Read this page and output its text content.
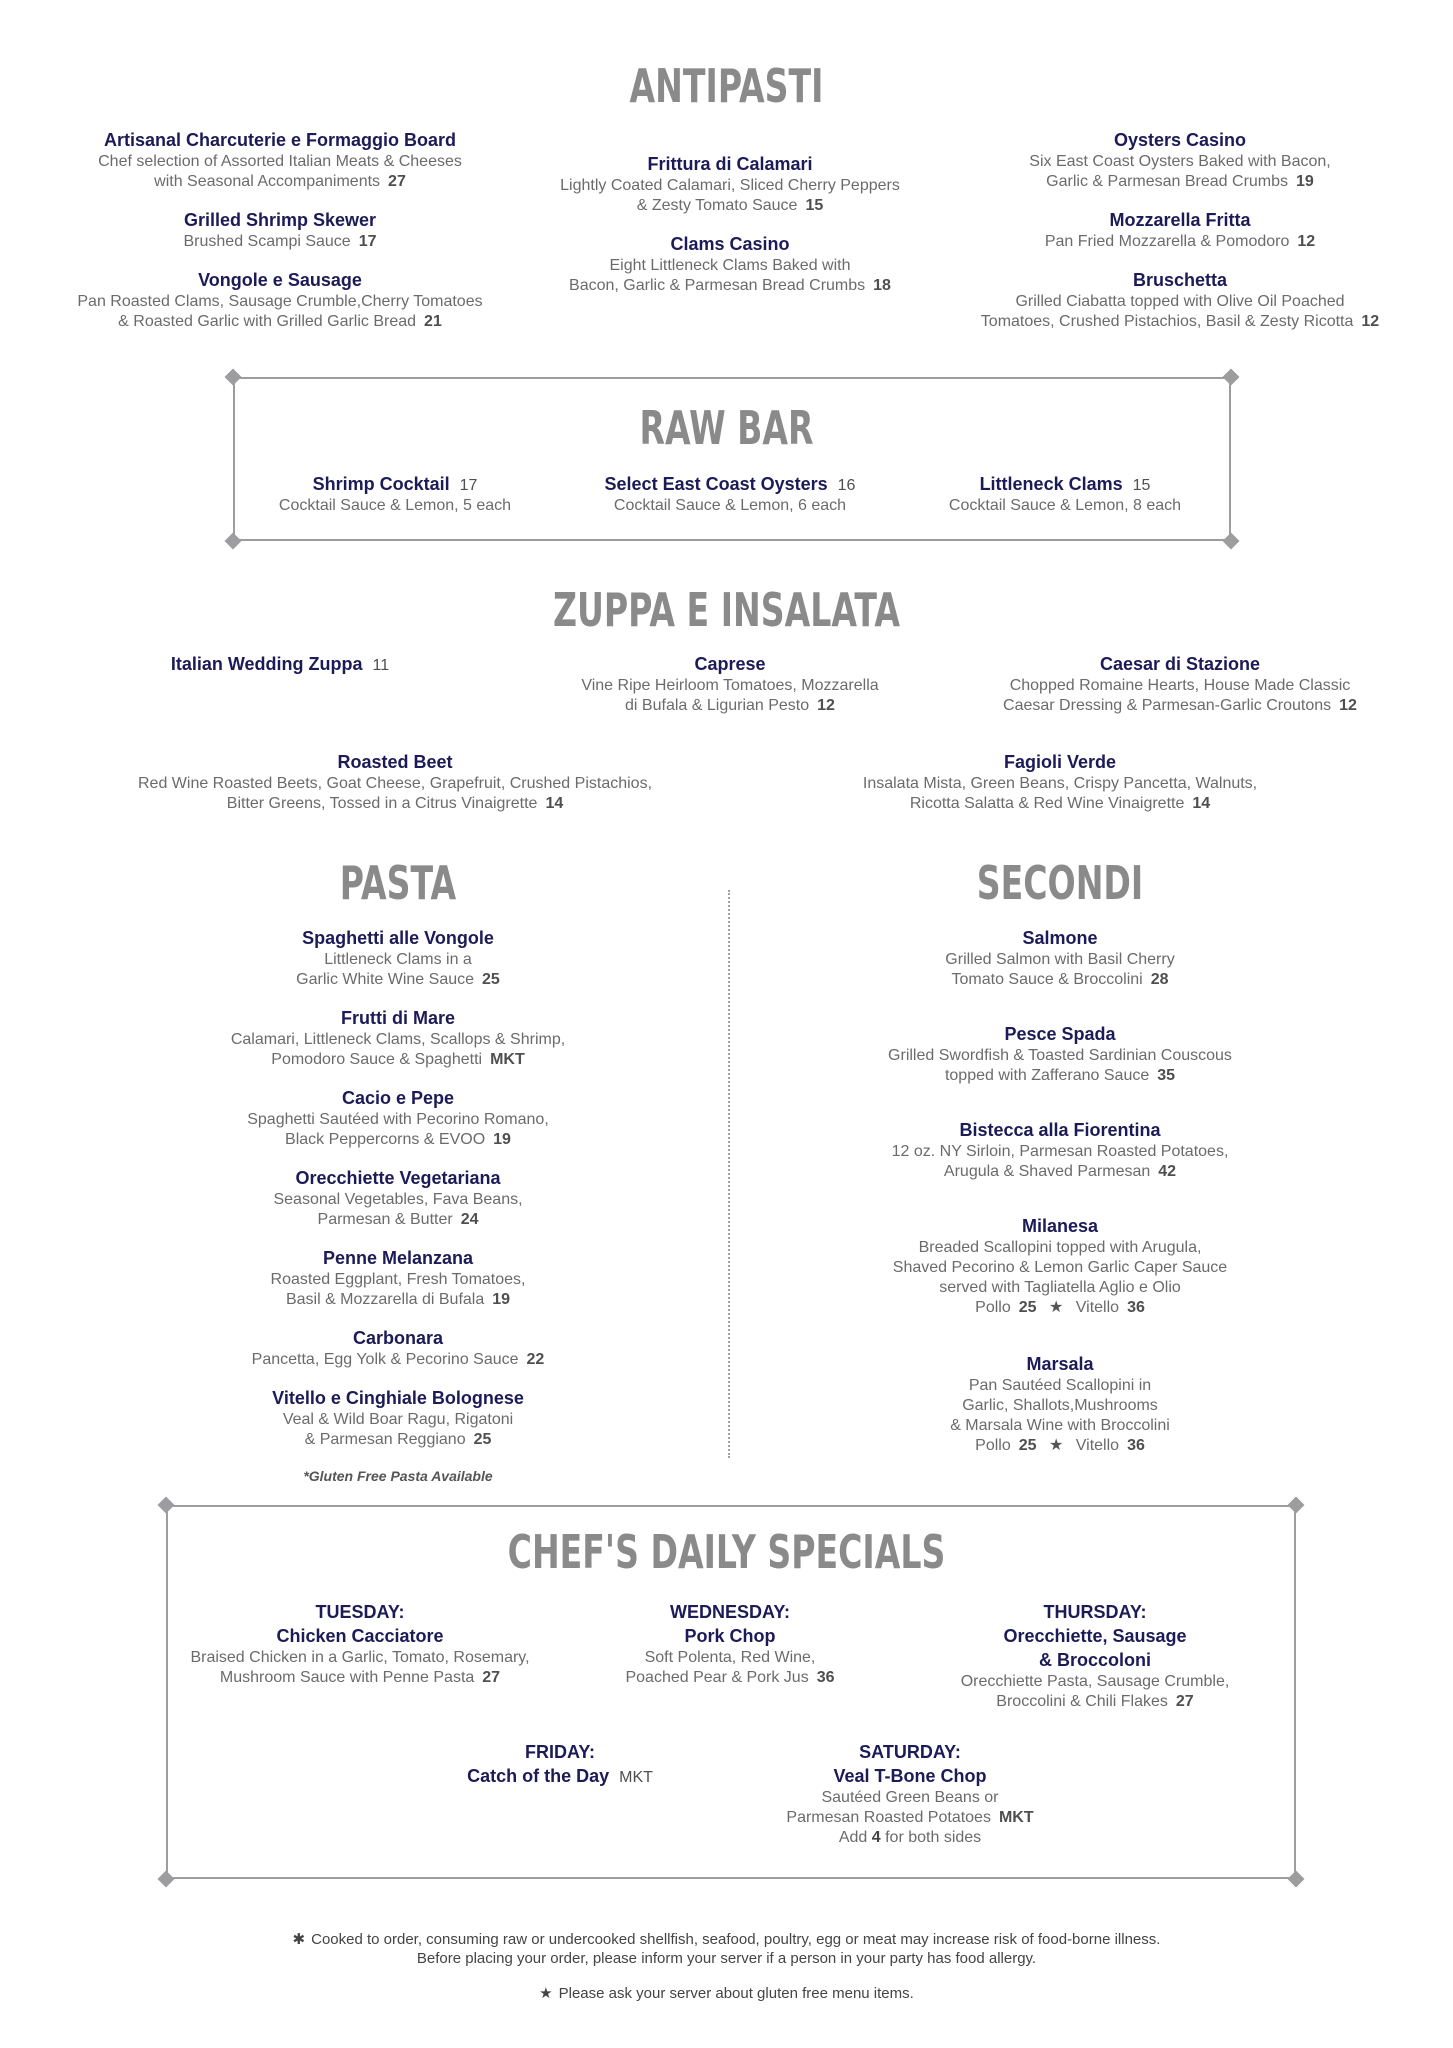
ANTIPASTI
Artisanal Charcuterie e Formaggio Board
Chef selection of Assorted Italian Meats & Cheeses
with Seasonal Accompaniments 27
Grilled Shrimp Skewer
Brushed Scampi Sauce 17
Vongole e Sausage
Pan Roasted Clams, Sausage Crumble,Cherry Tomatoes
& Roasted Garlic with Grilled Garlic Bread 21
Frittura di Calamari
Lightly Coated Calamari, Sliced Cherry Peppers
& Zesty Tomato Sauce 15
Clams Casino
Eight Littleneck Clams Baked with
Bacon, Garlic & Parmesan Bread Crumbs 18
Oysters Casino
Six East Coast Oysters Baked with Bacon,
Garlic & Parmesan Bread Crumbs 19
Mozzarella Fritta
Pan Fried Mozzarella & Pomodoro 12
Bruschetta
Grilled Ciabatta topped with Olive Oil Poached
Tomatoes, Crushed Pistachios, Basil & Zesty Ricotta 12
RAW BAR
Shrimp Cocktail 17
Cocktail Sauce & Lemon, 5 each
Select East Coast Oysters 16
Cocktail Sauce & Lemon, 6 each
Littleneck Clams 15
Cocktail Sauce & Lemon, 8 each
ZUPPA E INSALATA
Italian Wedding Zuppa 11	Caprese
Vine Ripe Heirloom Tomatoes, Mozzarella
di Bufala & Ligurian Pesto 12
Caesar di Stazione
Chopped Romaine Hearts, House Made Classic
Caesar Dressing & Parmesan-Garlic Croutons 12
Roasted Beet
Red Wine Roasted Beets, Goat Cheese, Grapefruit, Crushed Pistachios,
Bitter Greens, Tossed in a Citrus Vinaigrette 14
Fagioli Verde
Insalata Mista, Green Beans, Crispy Pancetta, Walnuts,
Ricotta Salatta & Red Wine Vinaigrette 14
PASTA	SECONDI
Spaghetti alle Vongole
Littleneck Clams in a
Garlic White Wine Sauce 25
Frutti di Mare
Calamari, Littleneck Clams, Scallops & Shrimp,
Pomodoro Sauce & Spaghetti MKT
Cacio e Pepe
Spaghetti Sautéed with Pecorino Romano,
Black Peppercorns & EVOO 19
Orecchiette Vegetariana
Seasonal Vegetables, Fava Beans,
Parmesan & Butter 24
Penne Melanzana
Roasted Eggplant, Fresh Tomatoes,
Basil & Mozzarella di Bufala 19
Carbonara
Pancetta, Egg Yolk & Pecorino Sauce 22
Vitello e Cinghiale Bolognese
Veal & Wild Boar Ragu, Rigatoni
& Parmesan Reggiano 25
*Gluten Free Pasta Available
Salmone
Grilled Salmon with Basil Cherry
Tomato Sauce & Broccolini 28
Pesce Spada
Grilled Swordfish & Toasted Sardinian Couscous
topped with Zafferano Sauce 35
Bistecca alla Fiorentina
12 oz. NY Sirloin, Parmesan Roasted Potatoes,
Arugula & Shaved Parmesan 42
Milanesa
Breaded Scallopini topped with Arugula,
Shaved Pecorino & Lemon Garlic Caper Sauce
served with Tagliatella Aglio e Olio
Pollo 25 ★ Vitello 36
Marsala
Pan Sautéed Scallopini in
Garlic, Shallots,Mushrooms
& Marsala Wine with Broccolini
Pollo 25 ★ Vitello 36
CHEF'S DAILY SPECIALS
TUESDAY:
Chicken Cacciatore
Braised Chicken in a Garlic, Tomato, Rosemary,
Mushroom Sauce with Penne Pasta 27
WEDNESDAY:
Pork Chop
Soft Polenta, Red Wine,
Poached Pear & Pork Jus 36
THURSDAY:
Orecchiette, Sausage
& Broccoloni
Orecchiette Pasta, Sausage Crumble,
Broccolini & Chili Flakes 27
FRIDAY:
Catch of the Day MKT
SATURDAY:
Veal T-Bone Chop
Sautéed Green Beans or
Parmesan Roasted Potatoes MKT
Add 4 for both sides
✱ Cooked to order, consuming raw or undercooked shellfish, seafood, poultry, egg or meat may increase risk of food-borne illness.
Before placing your order, please inform your server if a person in your party has food allergy.
★ Please ask your server about gluten free menu items.
